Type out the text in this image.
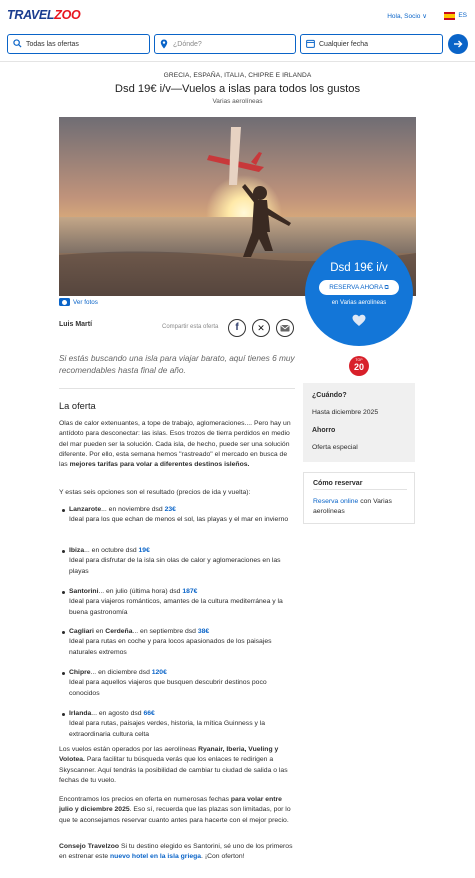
TRAVELZOO	Hola, Socio ∨	ES
Todas las ofertas	¿Dónde?	Cualquier fecha
GRECIA, ESPAÑA, ITALIA, CHIPRE E IRLANDA
Dsd 19€ i/v—Vuelos a islas para todos los gustos
Varias aerolíneas
Dsd 19€ i/v
RESERVA AHORA ⧉
en Varias aerolíneas
Ver fotos
Luis Martí	Compartir esta oferta	f	✕
TOP
20
Si estás buscando una isla para viajar barato, aquí tienes 6 muy recomendables hasta final de año.
La oferta
Olas de calor extenuantes, a tope de trabajo, aglomeraciones.... Pero hay un antídoto para desconectar: las islas. Esos trozos de tierra perdidos en medio del mar pueden ser la solución. Cada isla, de hecho, puede ser una solución diferente. Por ello, esta semana hemos "rastreado" el mercado en busca de las mejores tarifas para volar a diferentes destinos isleños.
Y estas seis opciones son el resultado (precios de ida y vuelta):
Lanzarote... en noviembre dsd 23€
Ideal para los que echan de menos el sol, las playas y el mar en invierno
Ibiza... en octubre dsd 19€
Ideal para disfrutar de la isla sin olas de calor y aglomeraciones en las playas
Santorini... en julio (última hora) dsd 187€
Ideal para viajeros románticos, amantes de la cultura mediterránea y la buena gastronomía
Cagliari en Cerdeña... en septiembre dsd 38€
Ideal para rutas en coche y para locos apasionados de los paisajes naturales extremos
Chipre... en diciembre dsd 120€
Ideal para aquellos viajeros que busquen descubrir destinos poco conocidos
Irlanda... en agosto dsd 66€
Ideal para rutas, paisajes verdes, historia, la mítica Guinness y la extraordinaria cultura celta
Los vuelos están operados por las aerolíneas Ryanair, Iberia, Vueling y Volotea. Para facilitar tu búsqueda verás que los enlaces te redirigen a Skyscanner. Aquí tendrás la posibilidad de cambiar tu ciudad de salida o las fechas de tu vuelo.
Encontramos los precios en oferta en numerosas fechas para volar entre julio y diciembre 2025. Eso sí, recuerda que las plazas son limitadas, por lo que te aconsejamos reservar cuanto antes para hacerte con el mejor precio.
Consejo Travelzoo Si tu destino elegido es Santorini, sé uno de los primeros en estrenar este nuevo hotel en la isla griega. ¡Con oferton!
¿Cuándo?
Hasta diciembre 2025
Ahorro
Oferta especial
Cómo reservar
Reserva online con Varias aerolíneas
